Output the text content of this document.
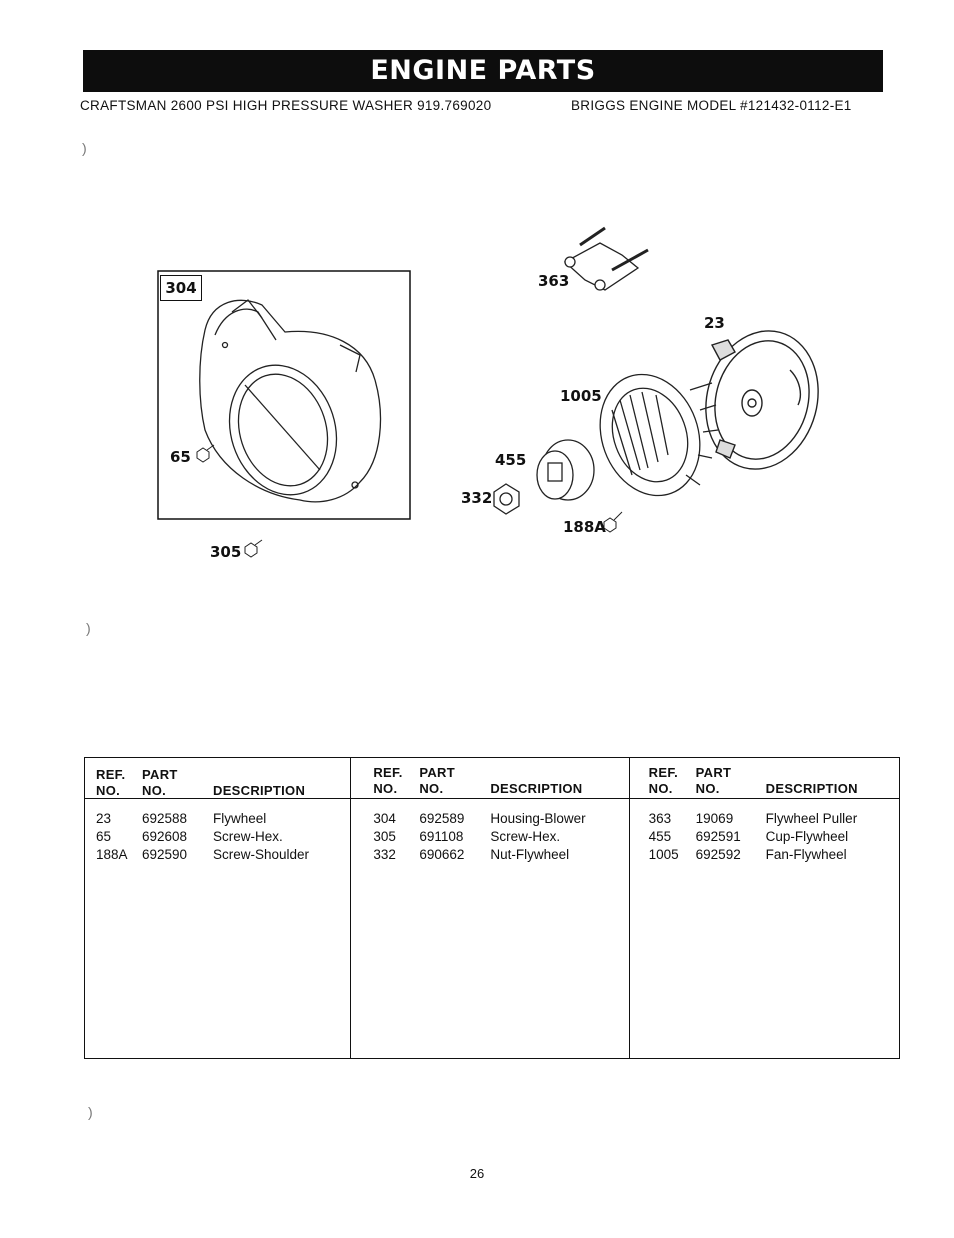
ENGINE PARTS
CRAFTSMAN 2600 PSI HIGH PRESSURE WASHER 919.769020	BRIGGS ENGINE MODEL #121432-0112-E1
)
)
)
304
65
305
363
23
1005
455
332
188A
REF.
NO.
PART
NO.	DESCRIPTION
23 692588 Flywheel
65 692608 Screw-Hex.
188A 692590 Screw-Shoulder
REF.
NO.
PART
NO.	DESCRIPTION
304 692589 Housing-Blower
305 691108 Screw-Hex.
332 690662 Nut-Flywheel
REF.
NO.
PART
NO.	DESCRIPTION
363 19069 Flywheel Puller
455 692591 Cup-Flywheel
1005 692592 Fan-Flywheel
26
